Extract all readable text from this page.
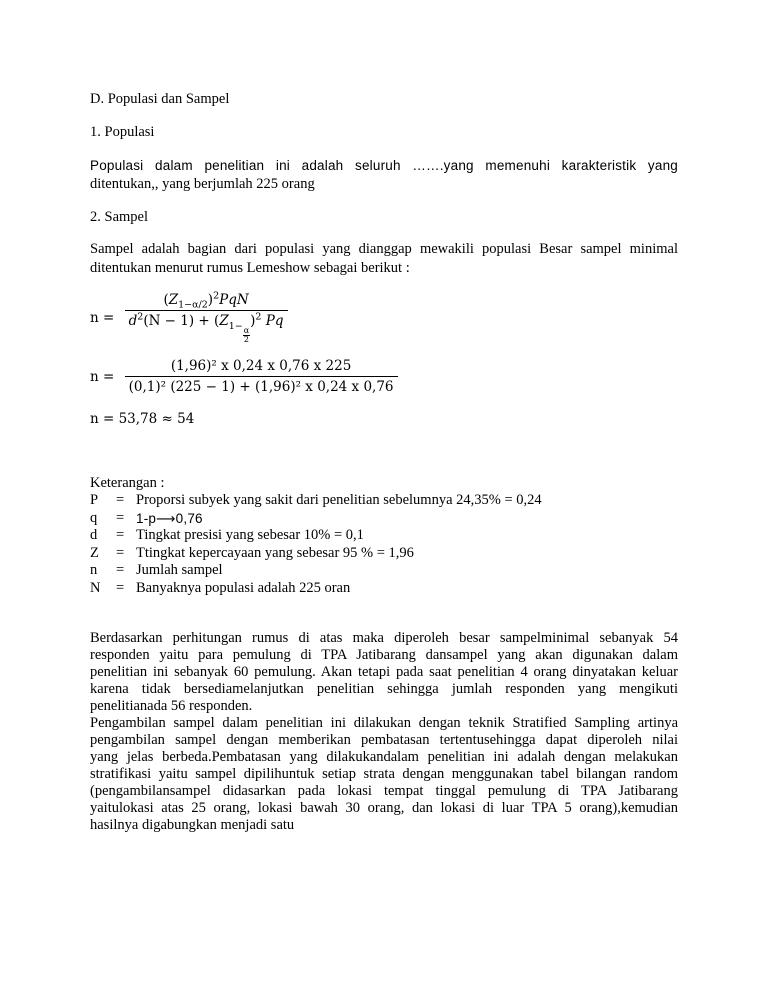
D. Populasi dan Sampel
1. Populasi
Populasi dalam penelitian ini adalah seluruh …….yang memenuhi karakteristik yang
ditentukan,, yang berjumlah 225 orang
2. Sampel
Sampel adalah bagian dari populasi yang dianggap mewakili populasi Besar sampel minimal
ditentukan menurut rumus Lemeshow sebagai berikut :
$n = (Z_{1-\alpha/2})^2PqN$
$d^2(N - 1) + (Z_{1- \frac{\alpha}{2}}$
)$^2$ Pq
$n = \frac{\text{(1,96)² x 0,24 x 0,76 x 225}}{\text{(0,1)² (225 − 1) + (1,96)² x 0,24 x 0,76}}$
n = 53,78 ≈ 54
Keterangan :
P	= Proporsi subyek yang sakit dari penelitian sebelumnya 24,35% = 0,24
q	= 1-p⟶0,76
d	= Tingkat presisi yang sebesar 10% = 0,1
Z	= Ttingkat kepercayaan yang sebesar 95 % = 1,96
n	= Jumlah sampel
N	= Banyaknya populasi adalah 225 oran
Berdasarkan perhitungan rumus di atas maka diperoleh besar sampelminimal sebanyak 54
responden yaitu para pemulung di TPA Jatibarang dansampel yang akan digunakan dalam
penelitian ini sebanyak 60 pemulung. Akan tetapi pada saat penelitian 4 orang dinyatakan keluar
karena tidak bersediamelanjutkan penelitian sehingga jumlah responden yang mengikuti
penelitianada 56 responden.
Pengambilan sampel dalam penelitian ini dilakukan dengan teknik Stratified Sampling artinya
pengambilan sampel dengan memberikan pembatasan tertentusehingga dapat diperoleh nilai
yang jelas berbeda.Pembatasan yang dilakukandalam penelitian ini adalah dengan melakukan
stratifikasi yaitu sampel dipilihuntuk setiap strata dengan menggunakan tabel bilangan random
(pengambilansampel didasarkan pada lokasi tempat tinggal pemulung di TPA Jatibarang
yaitulokasi atas 25 orang, lokasi bawah 30 orang, dan lokasi di luar TPA 5 orang),kemudian
hasilnya digabungkan menjadi satu
